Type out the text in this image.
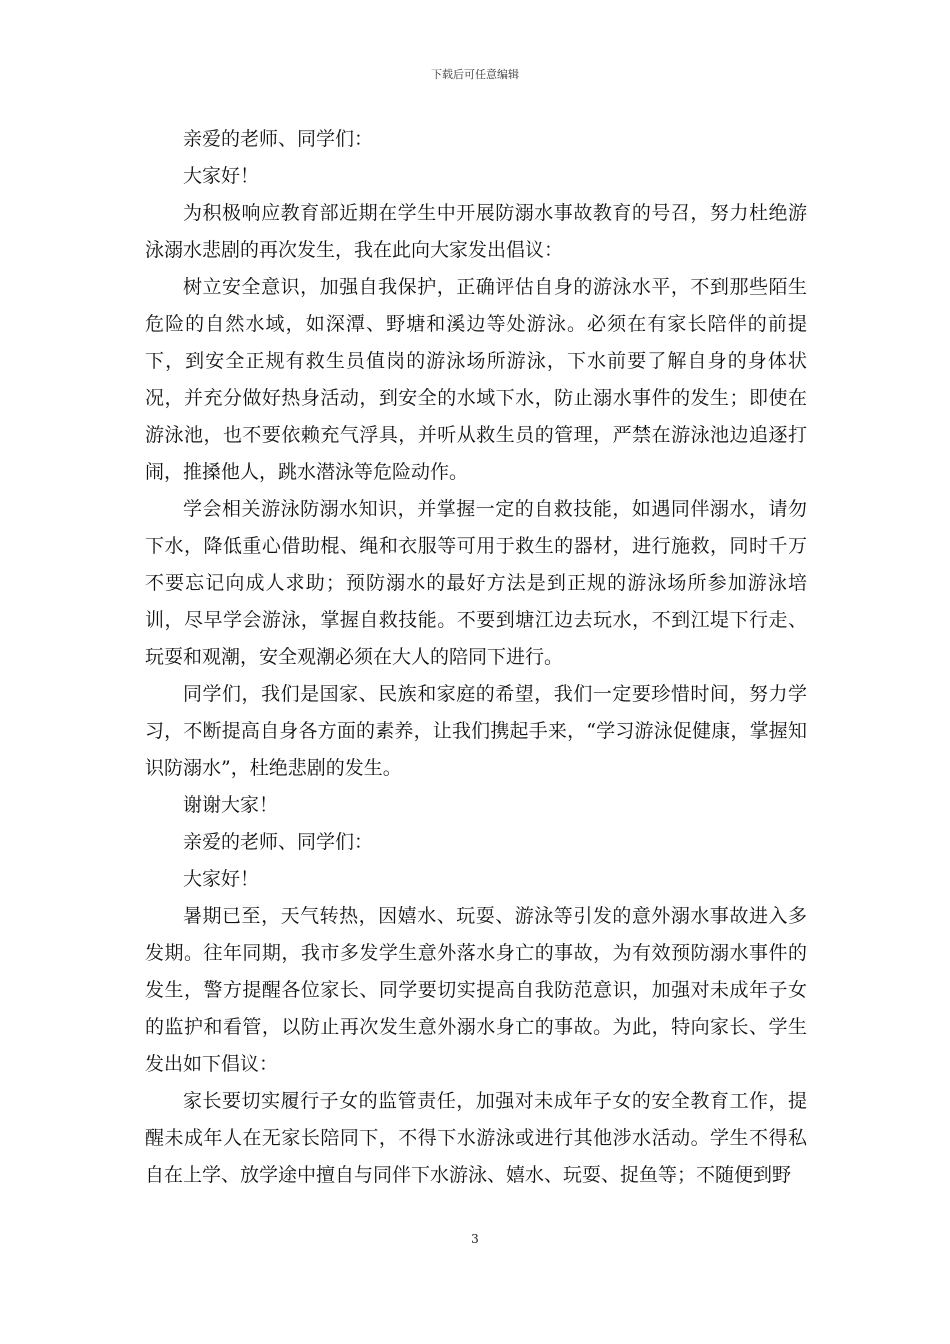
下载后可任意编辑

亲爱的老师、同学们：

大家好！

为积极响应教育部近期在学生中开展防溺水事故教育的号召，努力杜绝游泳溺水悲剧的再次发生，我在此向大家发出倡议：

树立安全意识，加强自我保护，正确评估自身的游泳水平，不到那些陌生危险的自然水域，如深潭、野塘和溪边等处游泳。必须在有家长陪伴的前提下，到安全正规有救生员值岗的游泳场所游泳，下水前要了解自身的身体状况，并充分做好热身活动，到安全的水域下水，防止溺水事件的发生；即使在游泳池，也不要依赖充气浮具，并听从救生员的管理，严禁在游泳池边追逐打闹，推搡他人，跳水潜泳等危险动作。

学会相关游泳防溺水知识，并掌握一定的自救技能，如遇同伴溺水，请勿下水，降低重心借助棍、绳和衣服等可用于救生的器材，进行施救，同时千万不要忘记向成人求助；预防溺水的最好方法是到正规的游泳场所参加游泳培训，尽早学会游泳，掌握自救技能。不要到塘江边去玩水，不到江堤下行走、玩耍和观潮，安全观潮必须在大人的陪同下进行。

同学们，我们是国家、民族和家庭的希望，我们一定要珍惜时间，努力学习，不断提高自身各方面的素养，让我们携起手来，“学习游泳促健康，掌握知识防溺水”，杜绝悲剧的发生。

谢谢大家！

亲爱的老师、同学们：

大家好！

暑期已至，天气转热，因嬉水、玩耍、游泳等引发的意外溺水事故进入多发期。往年同期，我市多发学生意外落水身亡的事故，为有效预防溺水事件的发生，警方提醒各位家长、同学要切实提高自我防范意识，加强对未成年子女的监护和看管，以防止再次发生意外溺水身亡的事故。为此，特向家长、学生发出如下倡议：

家长要切实履行子女的监管责任，加强对未成年子女的安全教育工作，提醒未成年人在无家长陪同下，不得下水游泳或进行其他涉水活动。学生不得私自在上学、放学途中擅自与同伴下水游泳、嬉水、玩耍、捉鱼等；不随便到野

3
